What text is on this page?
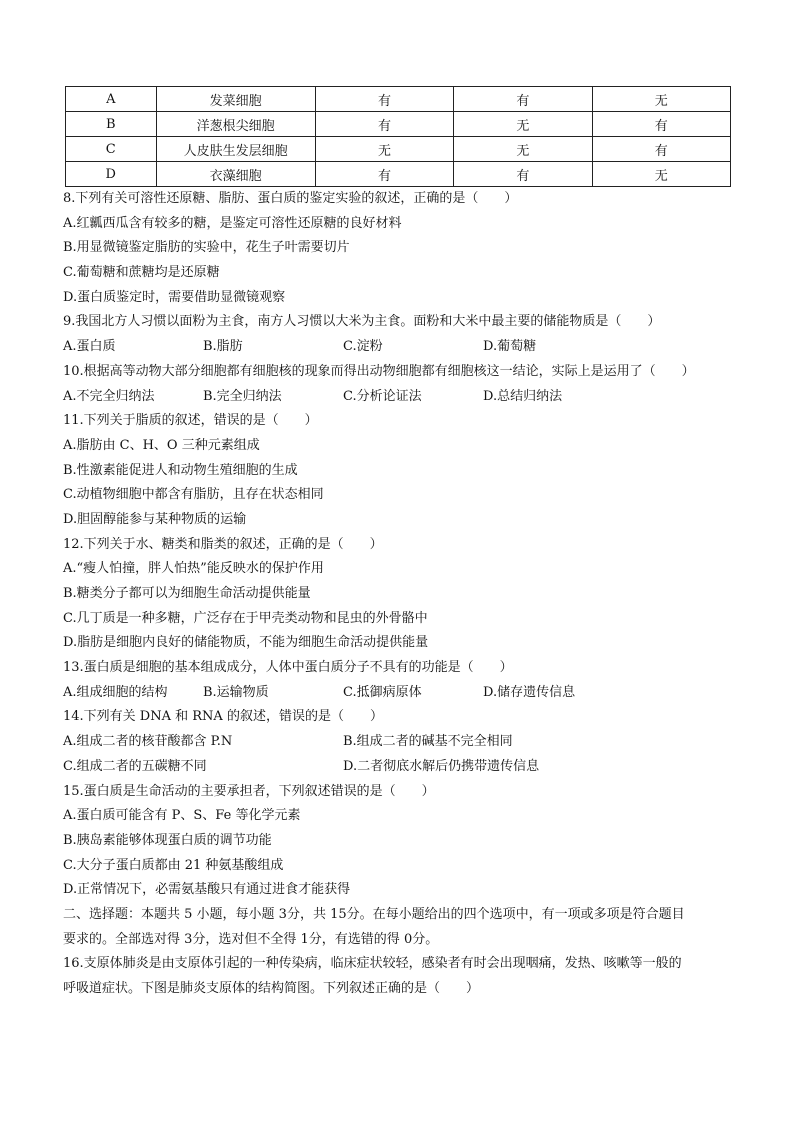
A	发菜细胞	有	有	无
B	洋葱根尖细胞	有	无	有
C	人皮肤生发层细胞	无	无	有
D	衣藻细胞	有	有	无
8.下列有关可溶性还原糖、脂肪、蛋白质的鉴定实验的叙述，正确的是（　　）
A.红瓤西瓜含有较多的糖，是鉴定可溶性还原糖的良好材料
B.用显微镜鉴定脂肪的实验中，花生子叶需要切片
C.葡萄糖和蔗糖均是还原糖
D.蛋白质鉴定时，需要借助显微镜观察
9.我国北方人习惯以面粉为主食，南方人习惯以大米为主食。面粉和大米中最主要的储能物质是（　　）
A.蛋白质	B.脂肪	C.淀粉	D.葡萄糖
10.根据高等动物大部分细胞都有细胞核的现象而得出动物细胞都有细胞核这一结论，实际上是运用了（　　）
A.不完全归纳法	B.完全归纳法	C.分析论证法	D.总结归纳法
11.下列关于脂质的叙述，错误的是（　　）
A.脂肪由 C、H、O 三种元素组成
B.性激素能促进人和动物生殖细胞的生成
C.动植物细胞中都含有脂肪，且存在状态相同
D.胆固醇能参与某种物质的运输
12.下列关于水、糖类和脂类的叙述，正确的是（　　）
A.“瘦人怕撞，胖人怕热”能反映水的保护作用
B.糖类分子都可以为细胞生命活动提供能量
C.几丁质是一种多糖，广泛存在于甲壳类动物和昆虫的外骨骼中
D.脂肪是细胞内良好的储能物质，不能为细胞生命活动提供能量
13.蛋白质是细胞的基本组成成分，人体中蛋白质分子不具有的功能是（　　）
A.组成细胞的结构	B.运输物质	C.抵御病原体	D.储存遗传信息
14.下列有关 DNA 和 RNA 的叙述，错误的是（　　）
A.组成二者的核苷酸都含 P.N	B.组成二者的碱基不完全相同
C.组成二者的五碳糖不同	D.二者彻底水解后仍携带遗传信息
15.蛋白质是生命活动的主要承担者，下列叙述错误的是（　　）
A.蛋白质可能含有 P、S、Fe 等化学元素
B.胰岛素能够体现蛋白质的调节功能
C.大分子蛋白质都由 21 种氨基酸组成
D.正常情况下，必需氨基酸只有通过进食才能获得
二、选择题：本题共 5 小题，每小题 3分，共 15分。在每小题给出的四个选项中，有一项或多项是符合题目
要求的。全部选对得 3分，选对但不全得 1分，有选错的得 0分。
16.支原体肺炎是由支原体引起的一种传染病，临床症状较轻，感染者有时会出现咽痛，发热、咳嗽等一般的
呼吸道症状。下图是肺炎支原体的结构简图。下列叙述正确的是（　　）
